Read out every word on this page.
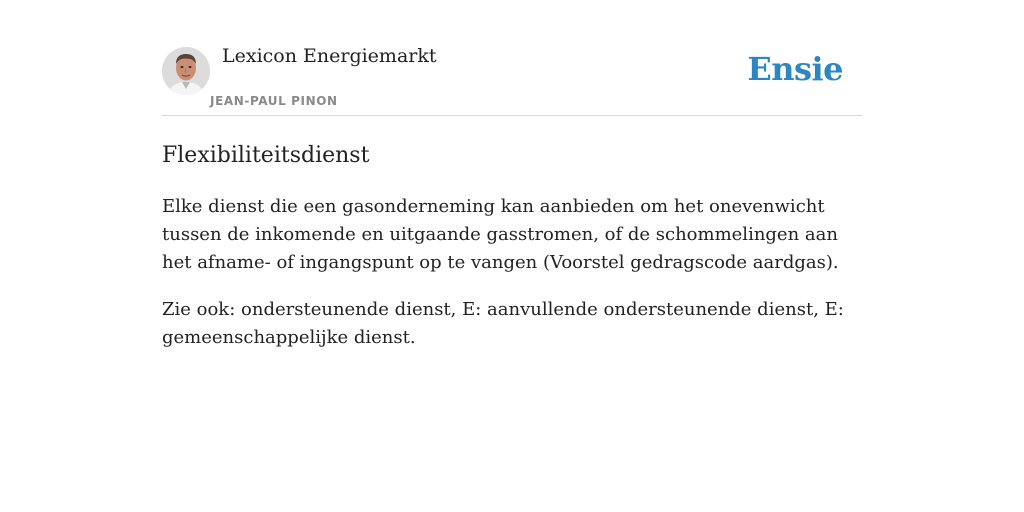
Lexicon Energiemarkt
JEAN-PAUL PINON
Ensie
Flexibiliteitsdienst

Elke dienst die een gasonderneming kan aanbieden om het onevenwicht tussen de inkomende en uitgaande gasstromen, of de schommelingen aan het afname- of ingangspunt op te vangen (Voorstel gedragscode aardgas).

Zie ook: ondersteunende dienst, E: aanvullende ondersteunende dienst, E: gemeenschappelijke dienst.
